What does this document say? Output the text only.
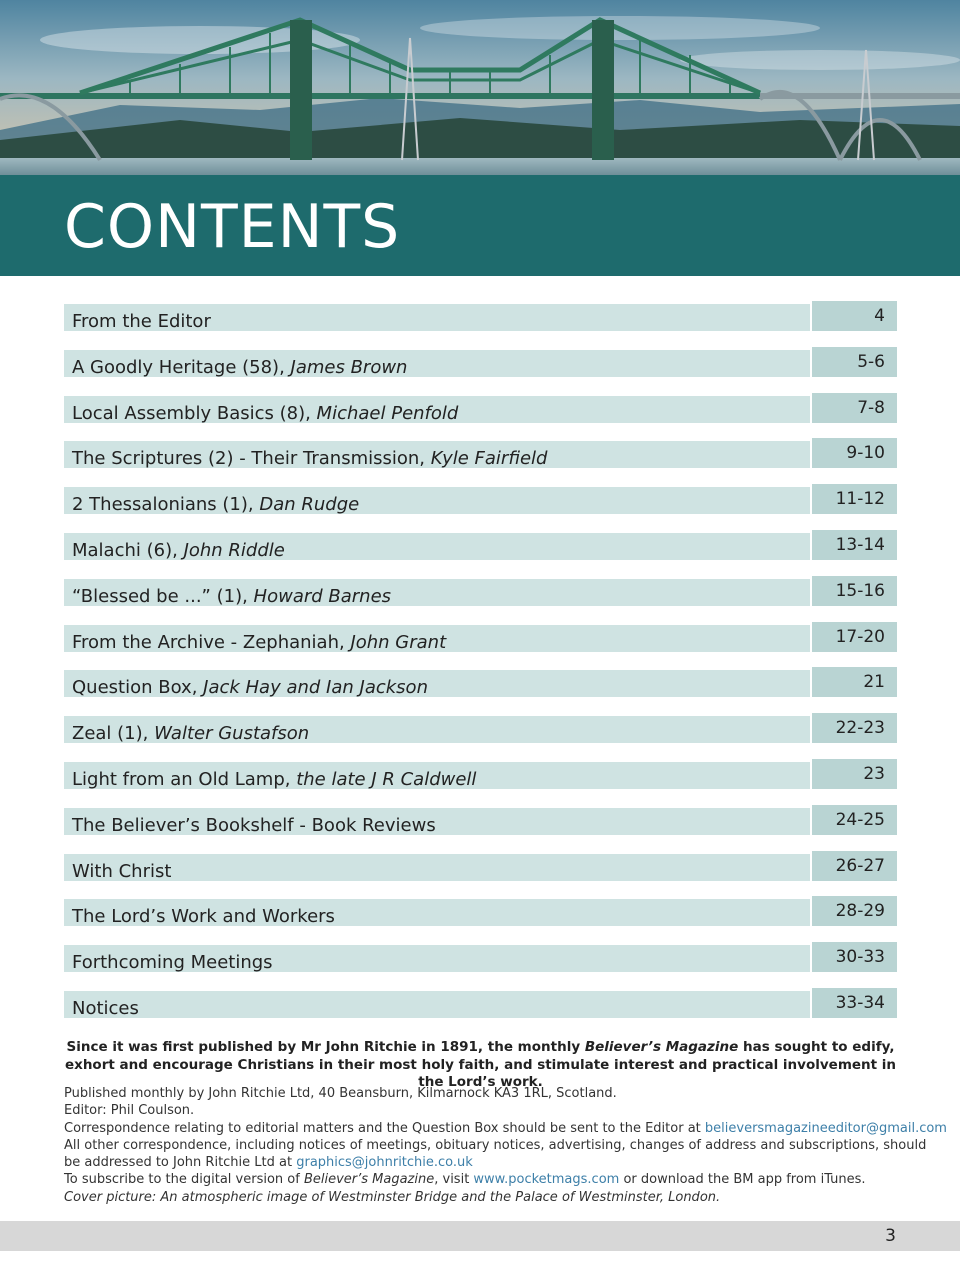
CONTENTS
From the Editor	4
A Goodly Heritage (58), James Brown	5-6
Local Assembly Basics (8), Michael Penfold	7-8
The Scriptures (2) - Their Transmission, Kyle Fairfield	9-10
2 Thessalonians (1), Dan Rudge	11-12
Malachi (6), John Riddle	13-14
“Blessed be ...” (1), Howard Barnes	15-16
From the Archive - Zephaniah, John Grant	17-20
Question Box, Jack Hay and Ian Jackson	21
Zeal (1), Walter Gustafson	22-23
Light from an Old Lamp, the late J R Caldwell	23
The Believer’s Bookshelf - Book Reviews	24-25
With Christ	26-27
The Lord’s Work and Workers	28-29
Forthcoming Meetings	30-33
Notices	33-34
Since it was first published by Mr John Ritchie in 1891, the monthly Believer’s Magazine has sought to edify, exhort and encourage Christians in their most holy faith, and stimulate interest and practical involvement in the Lord’s work.
Published monthly by John Ritchie Ltd, 40 Beansburn, Kilmarnock KA3 1RL, Scotland.
Editor: Phil Coulson.
Correspondence relating to editorial matters and the Question Box should be sent to the Editor at believersmagazineeditor@gmail.com
All other correspondence, including notices of meetings, obituary notices, advertising, changes of address and subscriptions, should
be addressed to John Ritchie Ltd at graphics@johnritchie.co.uk
To subscribe to the digital version of Believer’s Magazine, visit www.pocketmags.com or download the BM app from iTunes.
Cover picture: An atmospheric image of Westminster Bridge and the Palace of Westminster, London.
3
